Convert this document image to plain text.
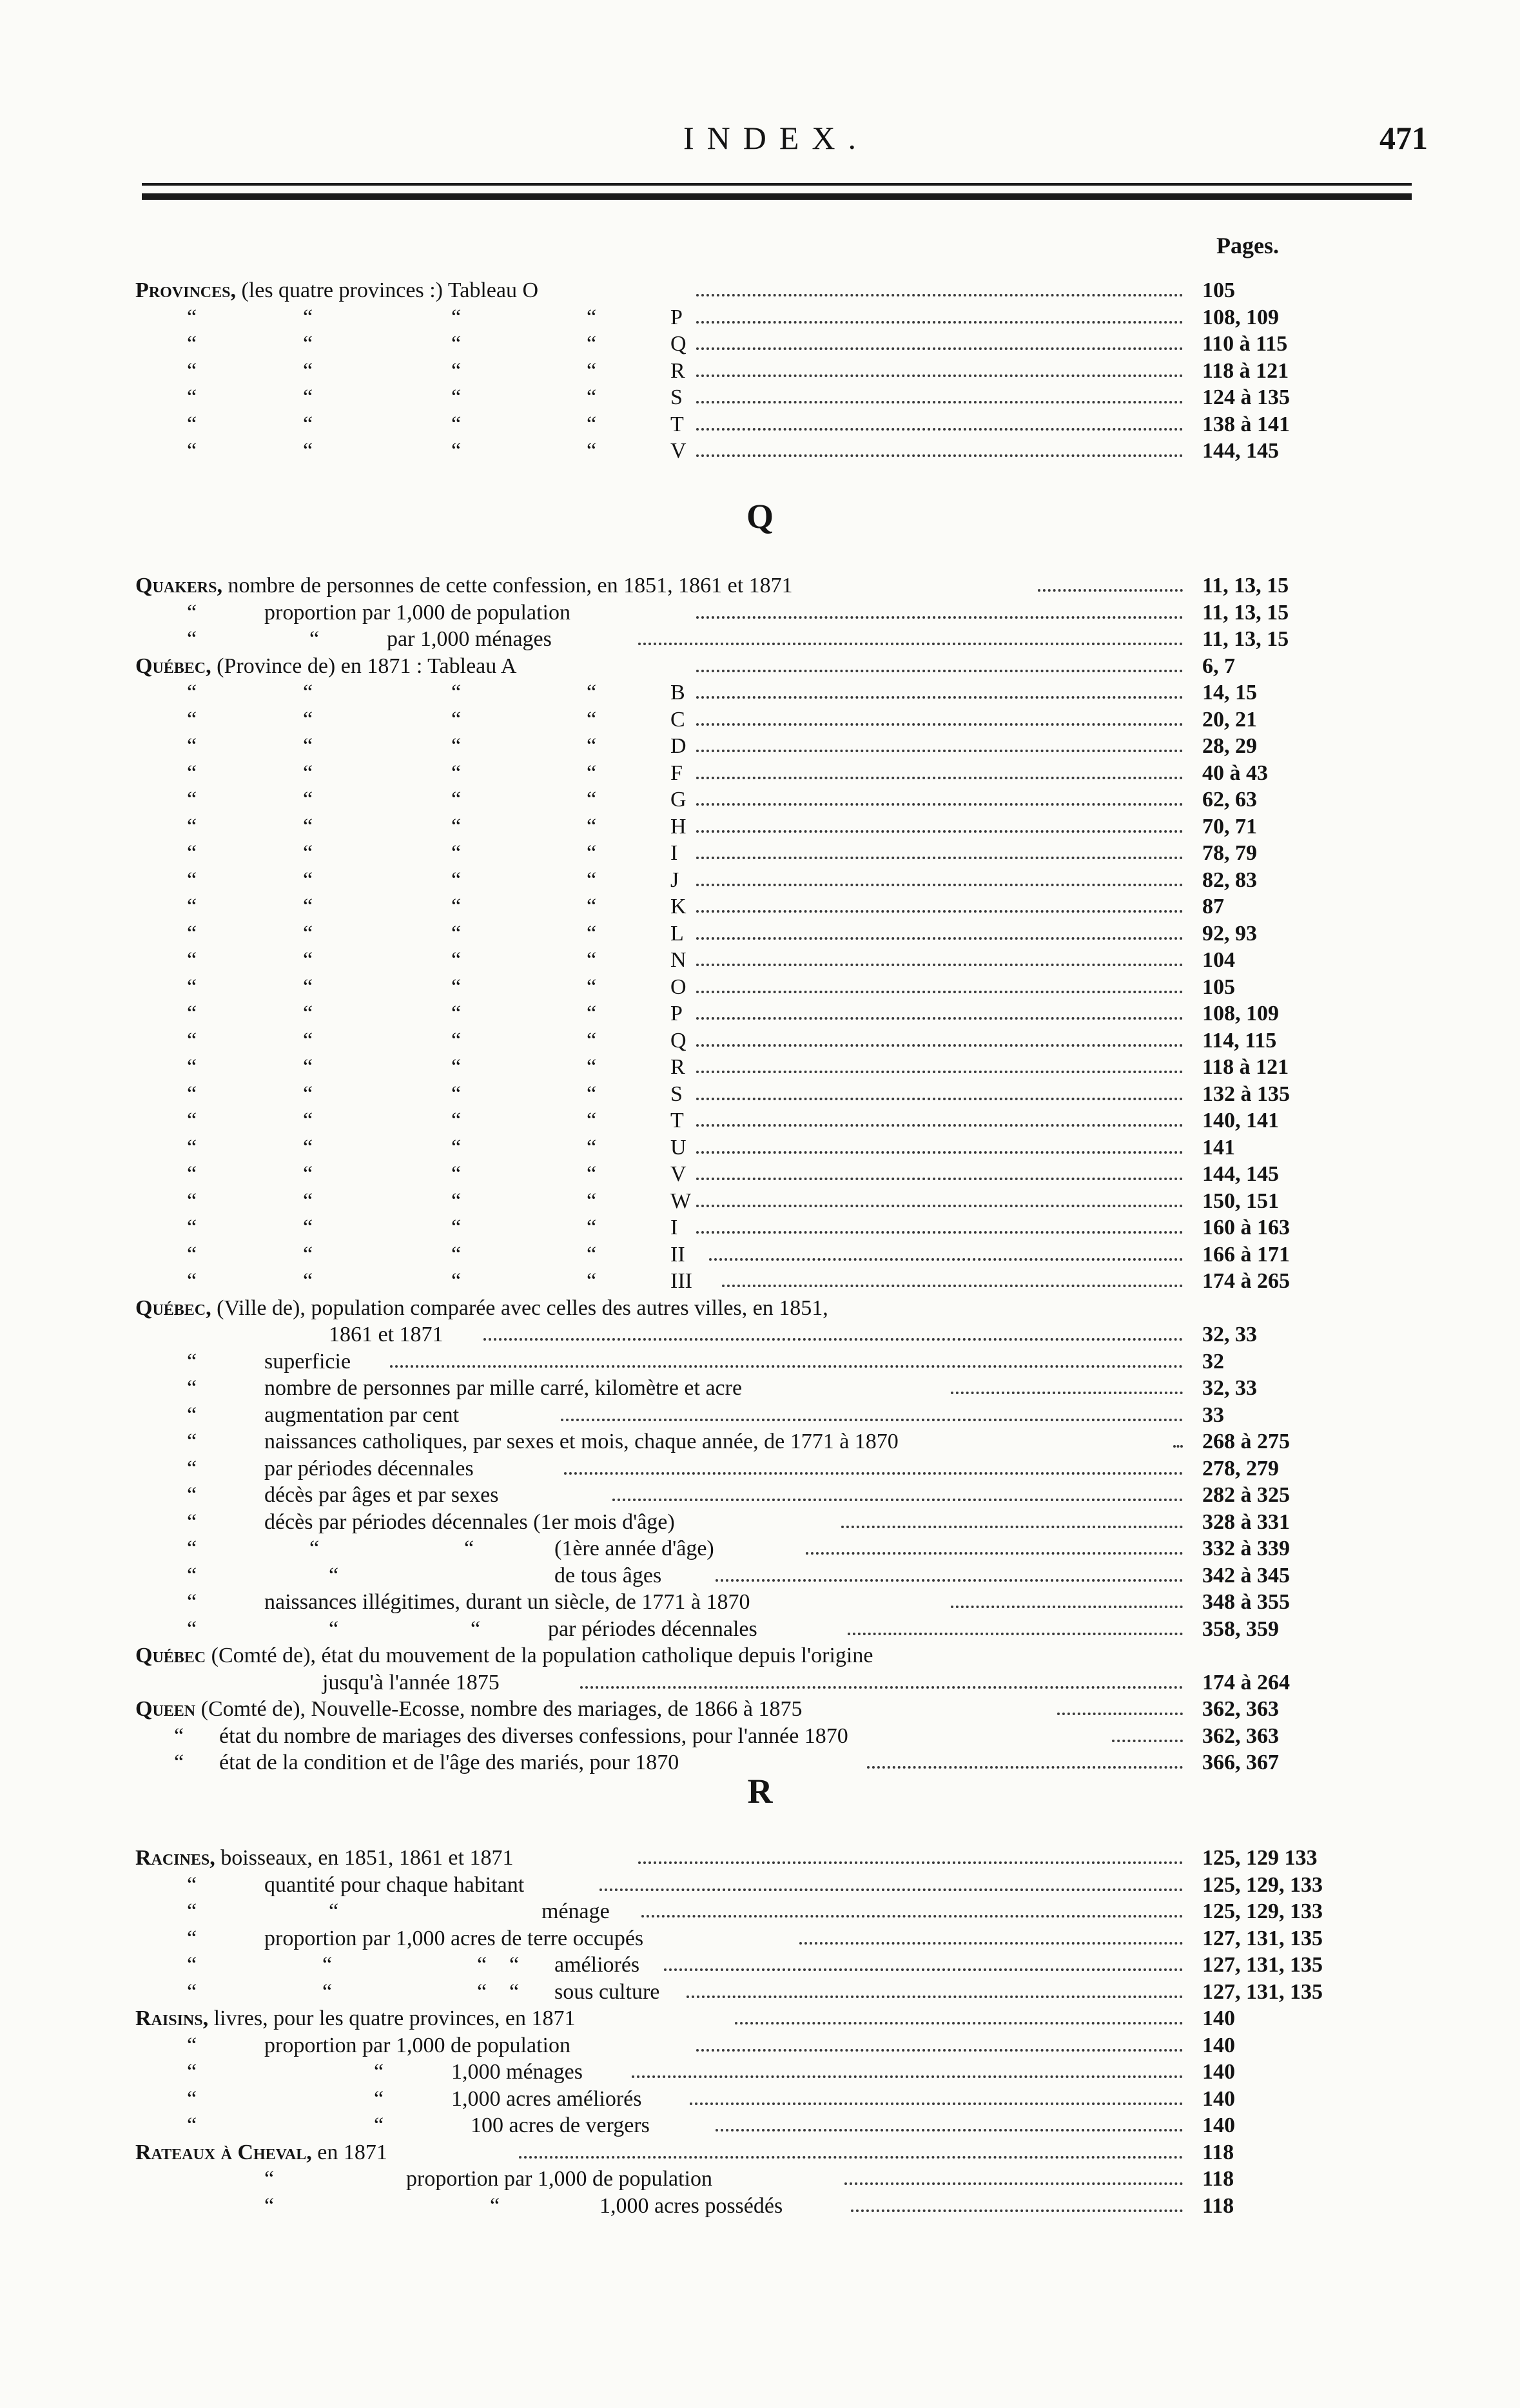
INDEX.	471
Pages.
Q
R
Provinces, (les quatre provinces :) Tableau O	105
“	“	“	“	P	108, 109
“	“	“	“	Q	110 à 115
“	“	“	“	R	118 à 121
“	“	“	“	S	124 à 135
“	“	“	“	T	138 à 141
“	“	“	“	V	144, 145
Quakers, nombre de personnes de cette confession, en 1851, 1861 et 1871	11, 13, 15
“	proportion par 1,000 de population	11, 13, 15
“	“	par 1,000 ménages	11, 13, 15
Québec, (Province de) en 1871 : Tableau A	6, 7
“	“	“	“	B	14, 15
“	“	“	“	C	20, 21
“	“	“	“	D	28, 29
“	“	“	“	F	40 à 43
“	“	“	“	G	62, 63
“	“	“	“	H	70, 71
“	“	“	“	I	78, 79
“	“	“	“	J	82, 83
“	“	“	“	K	87
“	“	“	“	L	92, 93
“	“	“	“	N	104
“	“	“	“	O	105
“	“	“	“	P	108, 109
“	“	“	“	Q	114, 115
“	“	“	“	R	118 à 121
“	“	“	“	S	132 à 135
“	“	“	“	T	140, 141
“	“	“	“	U	141
“	“	“	“	V	144, 145
“	“	“	“	W	150, 151
“	“	“	“	I	160 à 163
“	“	“	“	II	166 à 171
“	“	“	“	III	174 à 265
Québec, (Ville de), population comparée avec celles des autres villes, en 1851,
1861 et 1871	32, 33
“	superficie	32
“	nombre de personnes par mille carré, kilomètre et acre	32, 33
“	augmentation par cent	33
“	naissances catholiques, par sexes et mois, chaque année, de 1771 à 1870	268 à 275
“	par périodes décennales	278, 279
“	décès par âges et par sexes	282 à 325
“	décès par périodes décennales (1er mois d'âge)	328 à 331
“	“	“	(1ère année d'âge)	332 à 339
“	“	de tous âges	342 à 345
“	naissances illégitimes, durant un siècle, de 1771 à 1870	348 à 355
“	“	“	par périodes décennales	358, 359
Québec (Comté de), état du mouvement de la population catholique depuis l'origine
jusqu'à l'année 1875	174 à 264
Queen (Comté de), Nouvelle-Ecosse, nombre des mariages, de 1866 à 1875	362, 363
“ état du nombre de mariages des diverses confessions, pour l'année 1870	362, 363
“ état de la condition et de l'âge des mariés, pour 1870	366, 367
Racines, boisseaux, en 1851, 1861 et 1871	125, 129 133
“	quantité pour chaque habitant	125, 129, 133
“	“	ménage	125, 129, 133
“	proportion par 1,000 acres de terre occupés	127, 131, 135
“	“	“ “ améliorés	127, 131, 135
“	“	“ “ sous culture	127, 131, 135
Raisins, livres, pour les quatre provinces, en 1871	140
“	proportion par 1,000 de population	140
“	“	1,000 ménages	140
“	“	1,000 acres améliorés	140
“	“	100 acres de vergers	140
Rateaux à Cheval, en 1871	118
“	proportion par 1,000 de population	118
“	“	1,000 acres possédés	118
